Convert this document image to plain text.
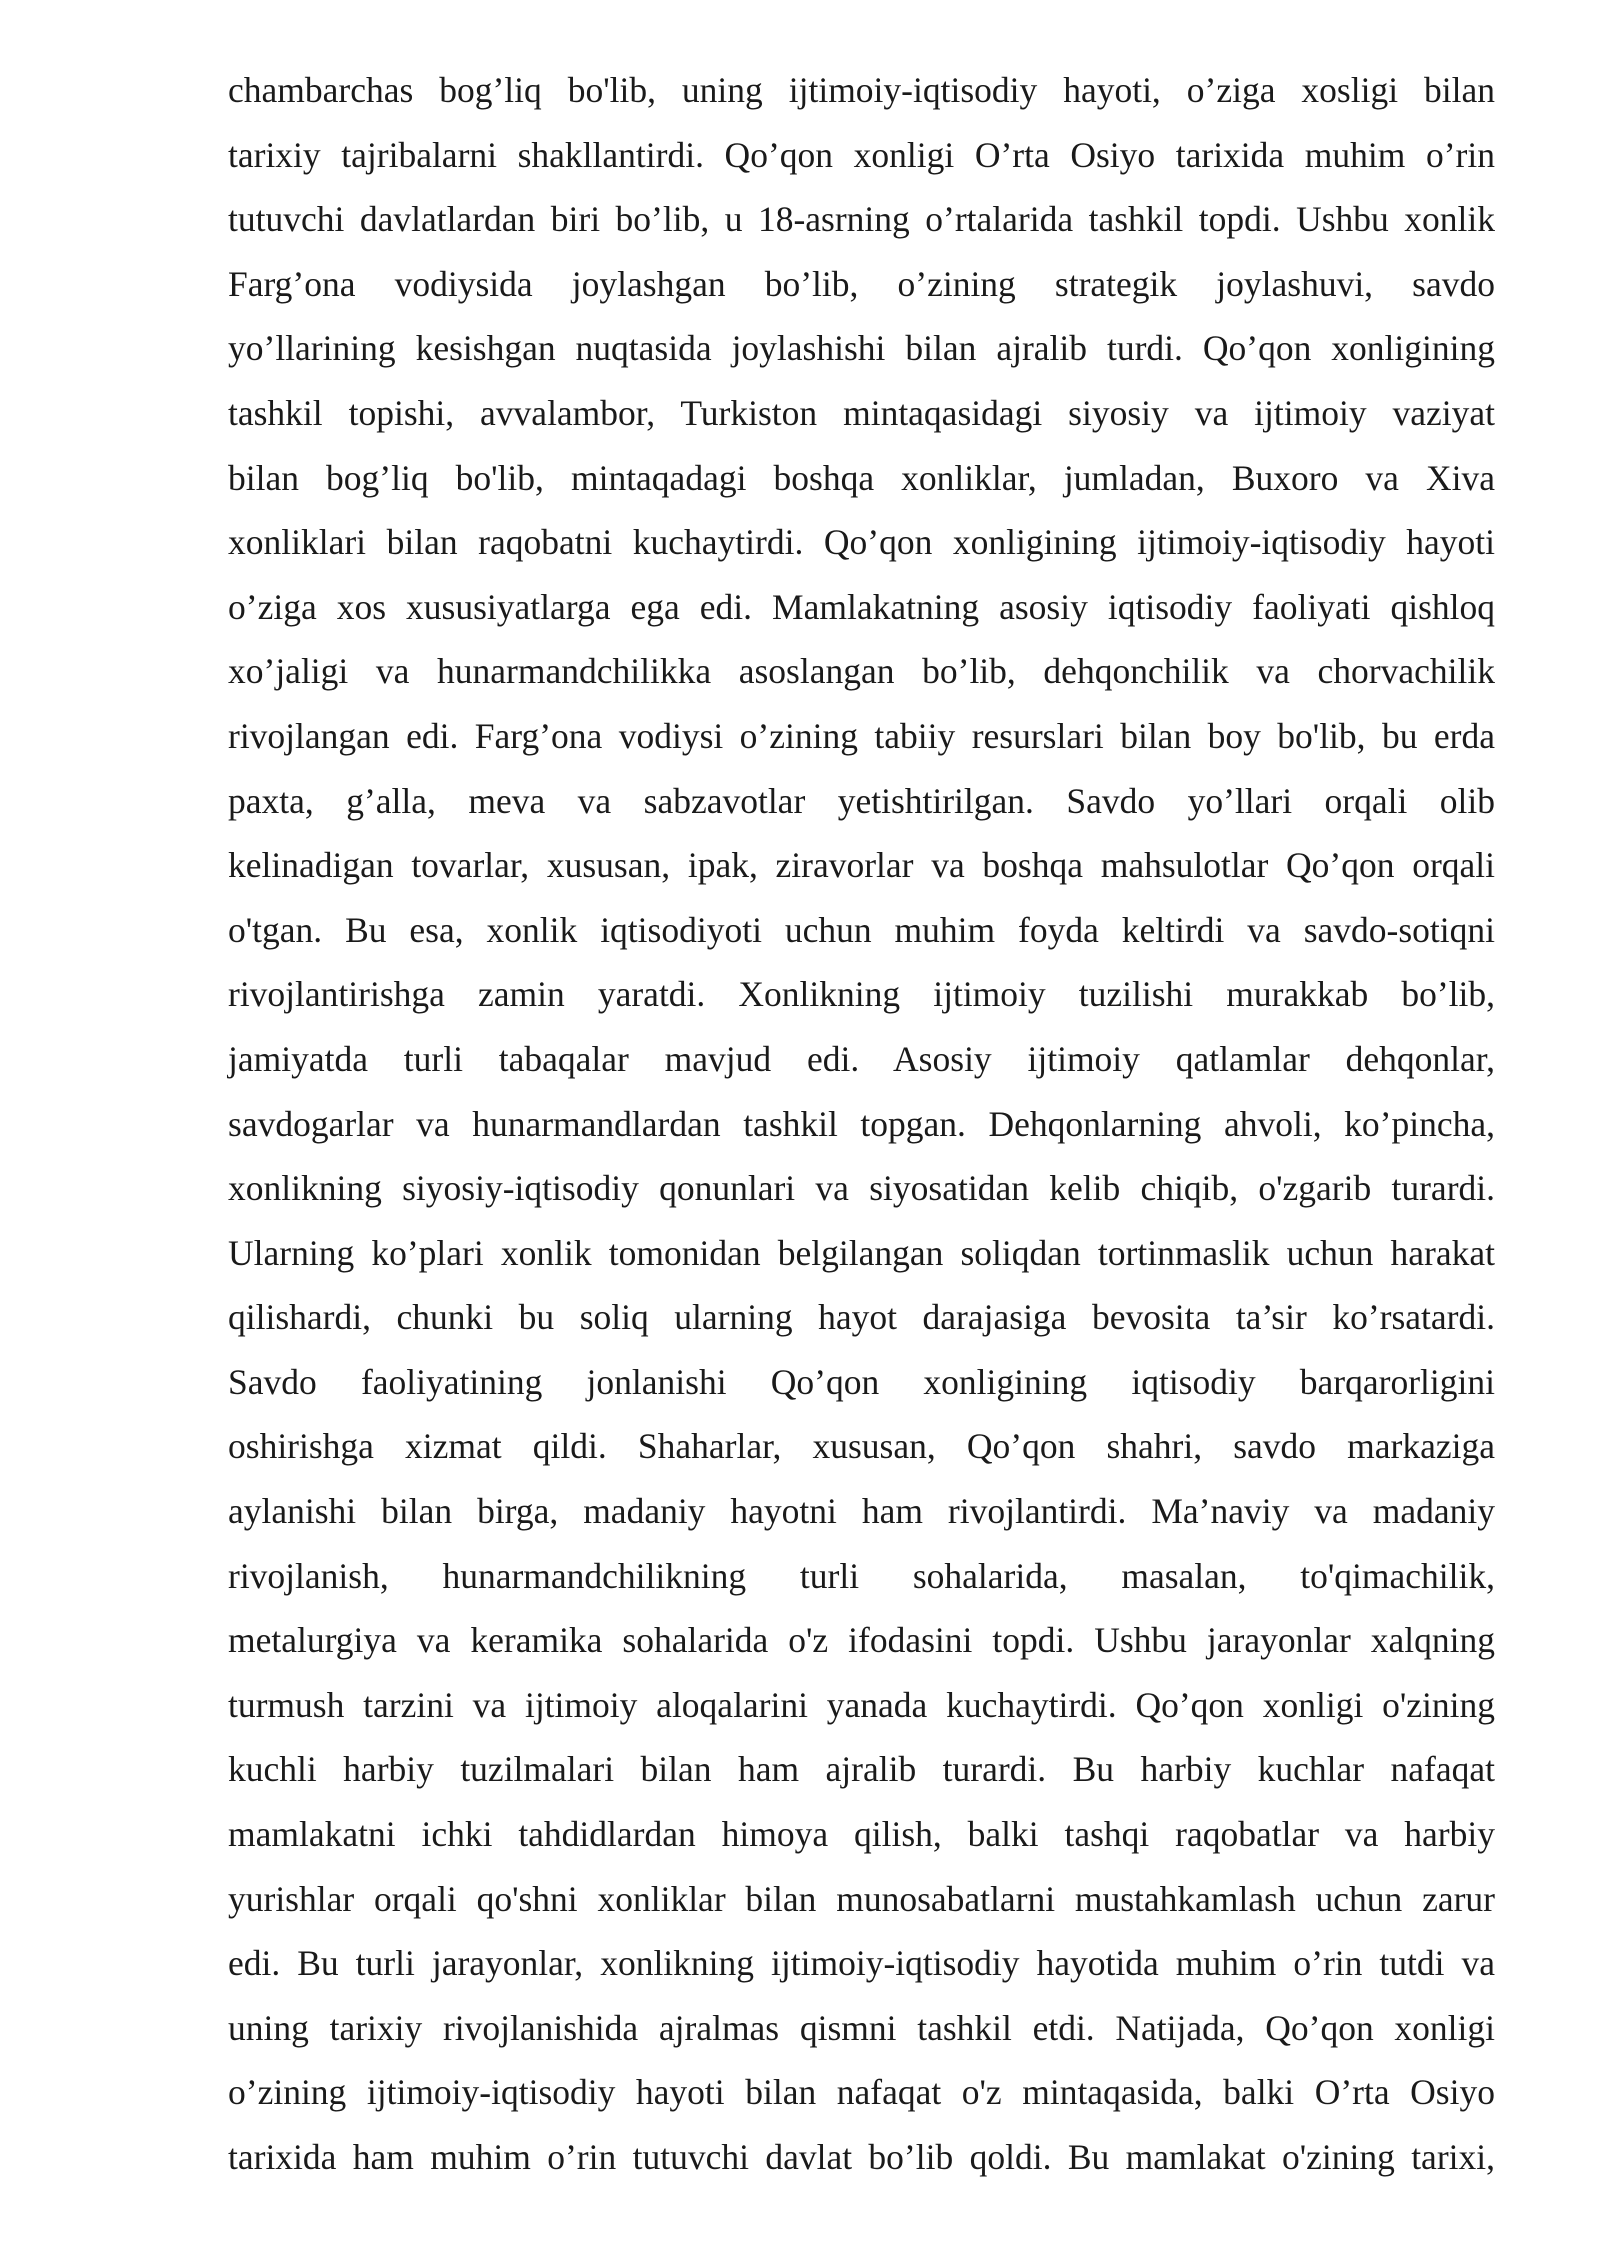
chambarchas bog’liq bo'lib, uning ijtimoiy-iqtisodiy hayoti, o’ziga xosligi bilan
tarixiy tajribalarni shakllantirdi. Qo’qon xonligi O’rta Osiyo tarixida muhim o’rin
tutuvchi davlatlardan biri bo’lib, u 18-asrning o’rtalarida tashkil topdi. Ushbu xonlik
Farg’ona vodiysida joylashgan bo’lib, o’zining strategik joylashuvi, savdo
yo’llarining kesishgan nuqtasida joylashishi bilan ajralib turdi. Qo’qon xonligining
tashkil topishi, avvalambor, Turkiston mintaqasidagi siyosiy va ijtimoiy vaziyat
bilan bog’liq bo'lib, mintaqadagi boshqa xonliklar, jumladan, Buxoro va Xiva
xonliklari bilan raqobatni kuchaytirdi. Qo’qon xonligining ijtimoiy-iqtisodiy hayoti
o’ziga xos xususiyatlarga ega edi. Mamlakatning asosiy iqtisodiy faoliyati qishloq
xo’jaligi va hunarmandchilikka asoslangan bo’lib, dehqonchilik va chorvachilik
rivojlangan edi. Farg’ona vodiysi o’zining tabiiy resurslari bilan boy bo'lib, bu erda
paxta, g’alla, meva va sabzavotlar yetishtirilgan. Savdo yo’llari orqali olib
kelinadigan tovarlar, xususan, ipak, ziravorlar va boshqa mahsulotlar Qo’qon orqali
o'tgan. Bu esa, xonlik iqtisodiyoti uchun muhim foyda keltirdi va savdo-sotiqni
rivojlantirishga zamin yaratdi. Xonlikning ijtimoiy tuzilishi murakkab bo’lib,
jamiyatda turli tabaqalar mavjud edi. Asosiy ijtimoiy qatlamlar dehqonlar,
savdogarlar va hunarmandlardan tashkil topgan. Dehqonlarning ahvoli, ko’pincha,
xonlikning siyosiy-iqtisodiy qonunlari va siyosatidan kelib chiqib, o'zgarib turardi.
Ularning ko’plari xonlik tomonidan belgilangan soliqdan tortinmaslik uchun harakat
qilishardi, chunki bu soliq ularning hayot darajasiga bevosita ta’sir ko’rsatardi.
Savdo faoliyatining jonlanishi Qo’qon xonligining iqtisodiy barqarorligini
oshirishga xizmat qildi. Shaharlar, xususan, Qo’qon shahri, savdo markaziga
aylanishi bilan birga, madaniy hayotni ham rivojlantirdi. Ma’naviy va madaniy
rivojlanish, hunarmandchilikning turli sohalarida, masalan, to'qimachilik,
metalurgiya va keramika sohalarida o'z ifodasini topdi. Ushbu jarayonlar xalqning
turmush tarzini va ijtimoiy aloqalarini yanada kuchaytirdi. Qo’qon xonligi o'zining
kuchli harbiy tuzilmalari bilan ham ajralib turardi. Bu harbiy kuchlar nafaqat
mamlakatni ichki tahdidlardan himoya qilish, balki tashqi raqobatlar va harbiy
yurishlar orqali qo'shni xonliklar bilan munosabatlarni mustahkamlash uchun zarur
edi. Bu turli jarayonlar, xonlikning ijtimoiy-iqtisodiy hayotida muhim o’rin tutdi va
uning tarixiy rivojlanishida ajralmas qismni tashkil etdi. Natijada, Qo’qon xonligi
o’zining ijtimoiy-iqtisodiy hayoti bilan nafaqat o'z mintaqasida, balki O’rta Osiyo
tarixida ham muhim o’rin tutuvchi davlat bo’lib qoldi. Bu mamlakat o'zining tarixi,
